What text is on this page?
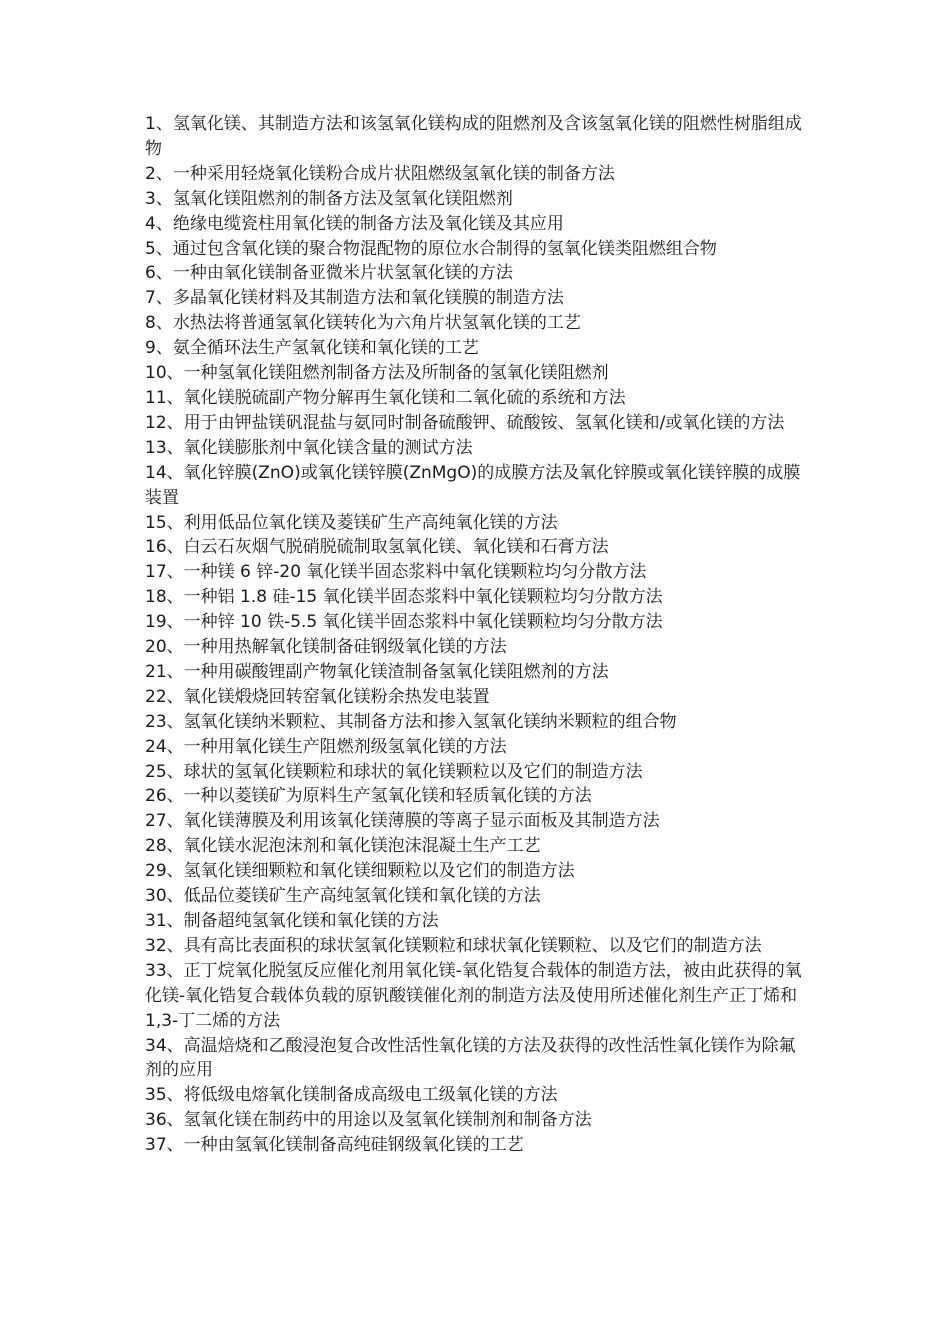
1、氢氧化镁、其制造方法和该氢氧化镁构成的阻燃剂及含该氢氧化镁的阻燃性树脂组成物
2、一种采用轻烧氧化镁粉合成片状阻燃级氢氧化镁的制备方法
3、氢氧化镁阻燃剂的制备方法及氢氧化镁阻燃剂
4、绝缘电缆瓷柱用氧化镁的制备方法及氧化镁及其应用
5、通过包含氧化镁的聚合物混配物的原位水合制得的氢氧化镁类阻燃组合物
6、一种由氧化镁制备亚微米片状氢氧化镁的方法
7、多晶氧化镁材料及其制造方法和氧化镁膜的制造方法
8、水热法将普通氢氧化镁转化为六角片状氢氧化镁的工艺
9、氨全循环法生产氢氧化镁和氧化镁的工艺
10、一种氢氧化镁阻燃剂制备方法及所制备的氢氧化镁阻燃剂
11、氧化镁脱硫副产物分解再生氧化镁和二氧化硫的系统和方法
12、用于由钾盐镁矾混盐与氨同时制备硫酸钾、硫酸铵、氢氧化镁和/或氧化镁的方法
13、氧化镁膨胀剂中氧化镁含量的测试方法
14、氧化锌膜(ZnO)或氧化镁锌膜(ZnMgO)的成膜方法及氧化锌膜或氧化镁锌膜的成膜装置
15、利用低品位氧化镁及菱镁矿生产高纯氧化镁的方法
16、白云石灰烟气脱硝脱硫制取氢氧化镁、氧化镁和石膏方法
17、一种镁 6 锌-20 氧化镁半固态浆料中氧化镁颗粒均匀分散方法
18、一种铝 1.8 硅-15 氧化镁半固态浆料中氧化镁颗粒均匀分散方法
19、一种锌 10 铁-5.5 氧化镁半固态浆料中氧化镁颗粒均匀分散方法
20、一种用热解氧化镁制备硅钢级氧化镁的方法
21、一种用碳酸锂副产物氧化镁渣制备氢氧化镁阻燃剂的方法
22、氧化镁煅烧回转窑氧化镁粉余热发电装置
23、氢氧化镁纳米颗粒、其制备方法和掺入氢氧化镁纳米颗粒的组合物
24、一种用氧化镁生产阻燃剂级氢氧化镁的方法
25、球状的氢氧化镁颗粒和球状的氧化镁颗粒以及它们的制造方法
26、一种以菱镁矿为原料生产氢氧化镁和轻质氧化镁的方法
27、氧化镁薄膜及利用该氧化镁薄膜的等离子显示面板及其制造方法
28、氧化镁水泥泡沫剂和氧化镁泡沫混凝土生产工艺
29、氢氧化镁细颗粒和氧化镁细颗粒以及它们的制造方法
30、低品位菱镁矿生产高纯氢氧化镁和氧化镁的方法
31、制备超纯氢氧化镁和氧化镁的方法
32、具有高比表面积的球状氢氧化镁颗粒和球状氧化镁颗粒、以及它们的制造方法
33、正丁烷氧化脱氢反应催化剂用氧化镁-氧化锆复合载体的制造方法，被由此获得的氧化镁-氧化锆复合载体负载的原钒酸镁催化剂的制造方法及使用所述催化剂生产正丁烯和 1,3-丁二烯的方法
34、高温焙烧和乙酸浸泡复合改性活性氧化镁的方法及获得的改性活性氧化镁作为除氟剂的应用
35、将低级电熔氧化镁制备成高级电工级氧化镁的方法
36、氢氧化镁在制药中的用途以及氢氧化镁制剂和制备方法
37、一种由氢氧化镁制备高纯硅钢级氧化镁的工艺
